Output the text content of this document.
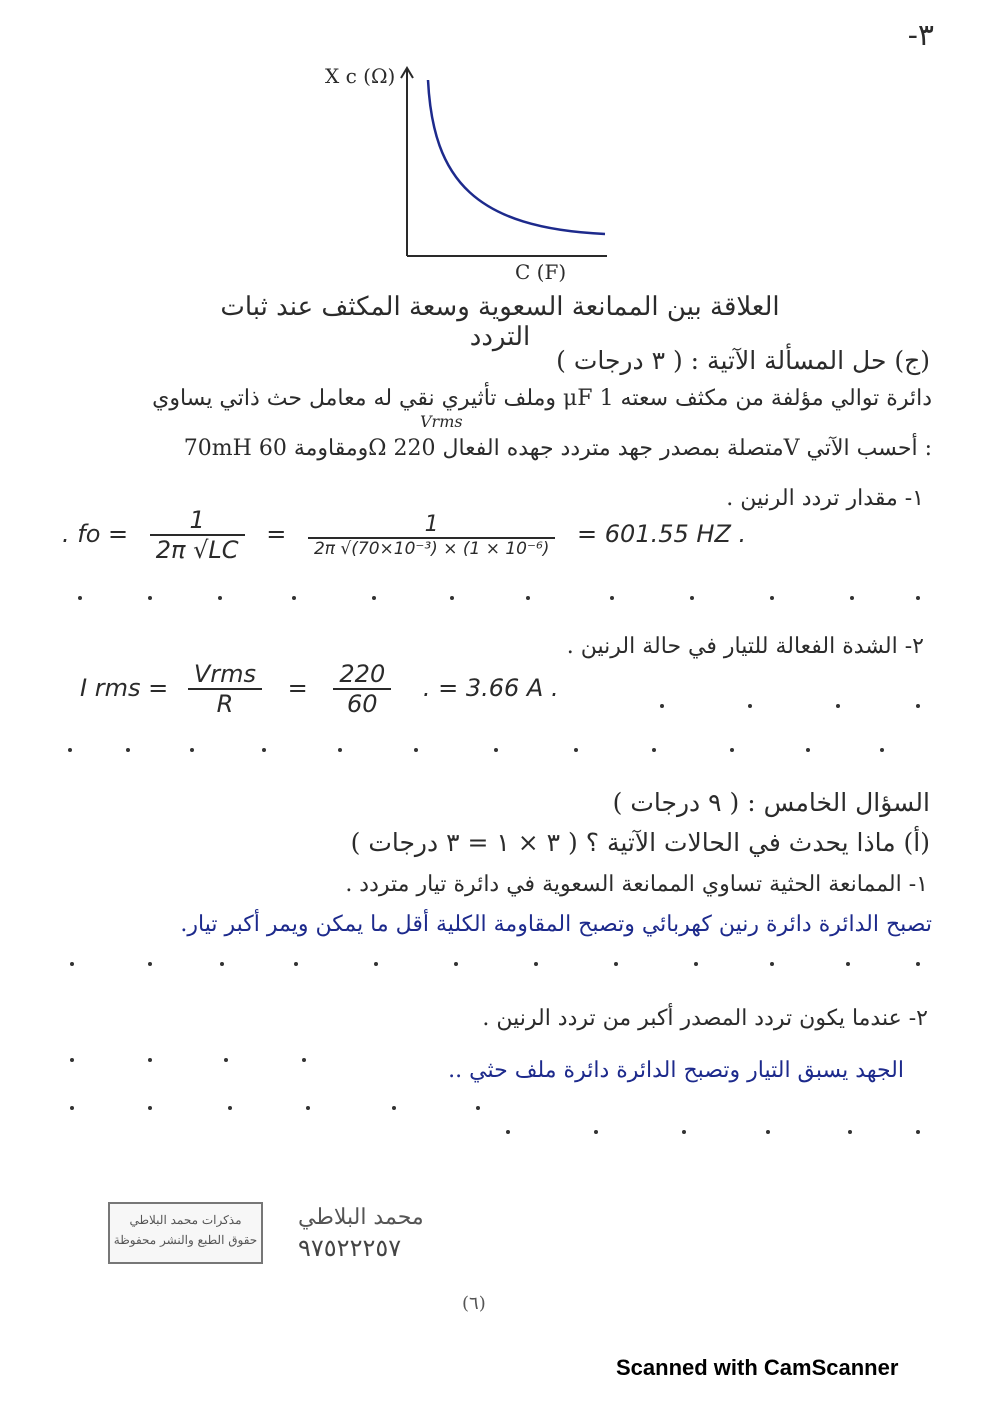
-٣
X c (Ω)
C (F)
العلاقة بين الممانعة السعوية وسعة المكثف عند ثبات التردد
(ج) حل المسألة الآتية : ( ٣ درجات )
دائرة توالي مؤلفة من مكثف سعته 1 μF وملف تأثيري نقي له معامل حث ذاتي يساوي
Vrms
70mH ومقاومة 60Ω متصلة بمصدر جهد متردد جهده الفعال 220V أحسب الآتي :
١- مقدار تردد الرنين .
. fo = $\frac{1}{2\pi √LC} = \frac{1}{\text{2π √(70×10⁻³) × (1 × 10⁻⁶)}} = 601.55$ HZ .
٢- الشدة الفعالة للتيار في حالة الرنين .
I rms = $\frac{\text{Vrms}}{R} = \frac{220}{60}$ . = 3.66 A .
السؤال الخامس : ( ٩ درجات )
(أ) ماذا يحدث في الحالات الآتية ؟ ( ٣ × ١ = ٣ درجات )
١- الممانعة الحثية تساوي الممانعة السعوية في دائرة تيار متردد .
تصبح الدائرة دائرة رنين كهربائي وتصبح المقاومة الكلية أقل ما يمكن ويمر أكبر تيار.
٢- عندما يكون تردد المصدر أكبر من تردد الرنين .
الجهد يسبق التيار وتصبح الدائرة دائرة ملف حثي ..
مذكرات محمد البلاطي
حقوق الطبع والنشر محفوظة
محمد البلاطي
٩٧٥٢٢٢٥٧
(٦)
Scanned with CamScanner
